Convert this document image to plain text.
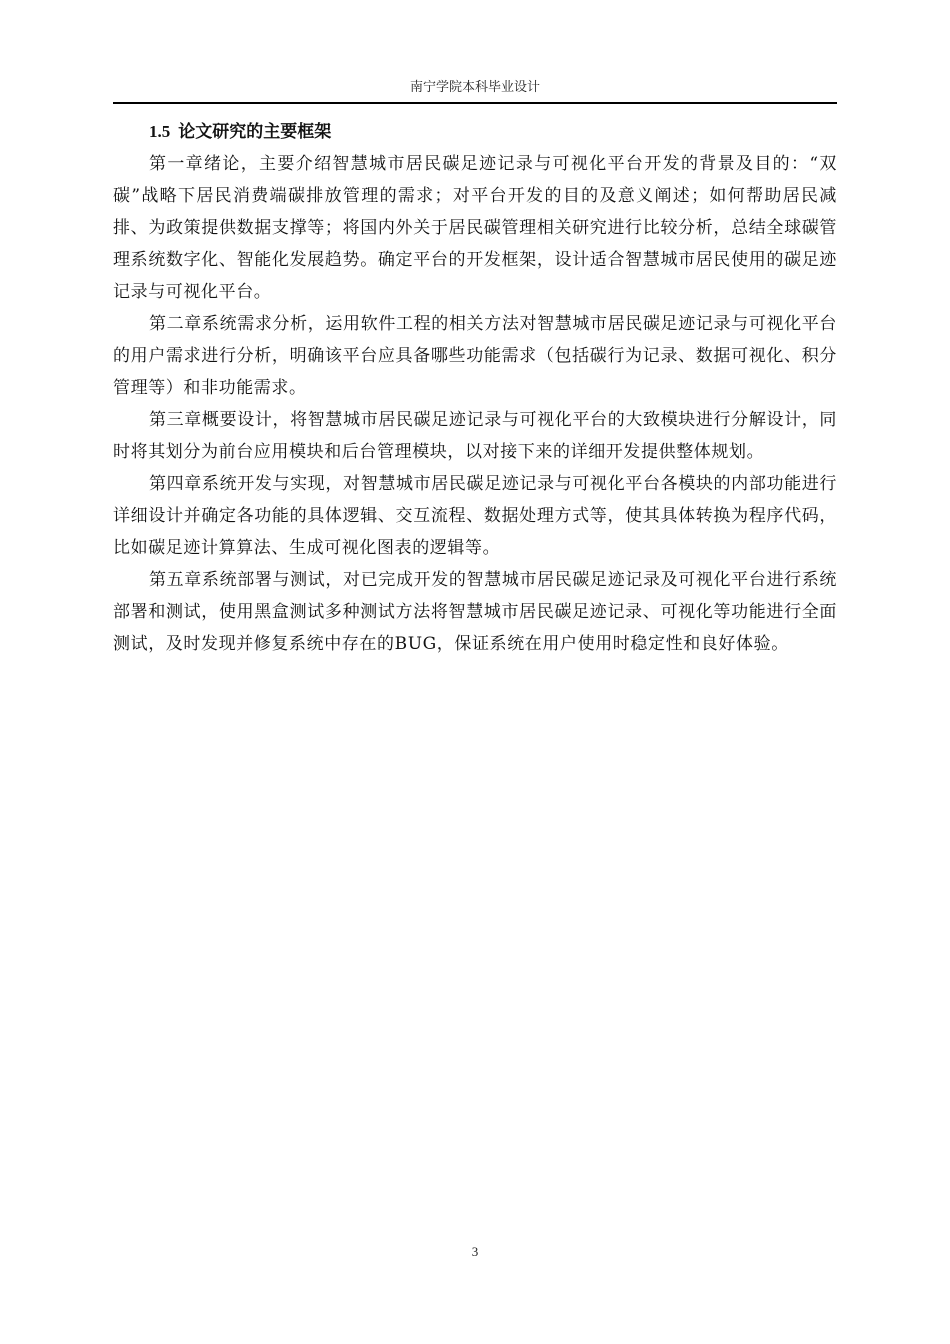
南宁学院本科毕业设计
1.5 论文研究的主要框架

第一章绪论，主要介绍智慧城市居民碳足迹记录与可视化平台开发的背景及目的：“双碳”战略下居民消费端碳排放管理的需求；对平台开发的目的及意义阐述；如何帮助居民减排、为政策提供数据支撑等；将国内外关于居民碳管理相关研究进行比较分析，总结全球碳管理系统数字化、智能化发展趋势。确定平台的开发框架，设计适合智慧城市居民使用的碳足迹记录与可视化平台。

第二章系统需求分析，运用软件工程的相关方法对智慧城市居民碳足迹记录与可视化平台的用户需求进行分析，明确该平台应具备哪些功能需求（包括碳行为记录、数据可视化、积分管理等）和非功能需求。

第三章概要设计，将智慧城市居民碳足迹记录与可视化平台的大致模块进行分解设计，同时将其划分为前台应用模块和后台管理模块，以对接下来的详细开发提供整体规划。

第四章系统开发与实现，对智慧城市居民碳足迹记录与可视化平台各模块的内部功能进行详细设计并确定各功能的具体逻辑、交互流程、数据处理方式等，使其具体转换为程序代码，比如碳足迹计算算法、生成可视化图表的逻辑等。

第五章系统部署与测试，对已完成开发的智慧城市居民碳足迹记录及可视化平台进行系统部署和测试，使用黑盒测试多种测试方法将智慧城市居民碳足迹记录、可视化等功能进行全面测试，及时发现并修复系统中存在的BUG，保证系统在用户使用时稳定性和良好体验。

3
